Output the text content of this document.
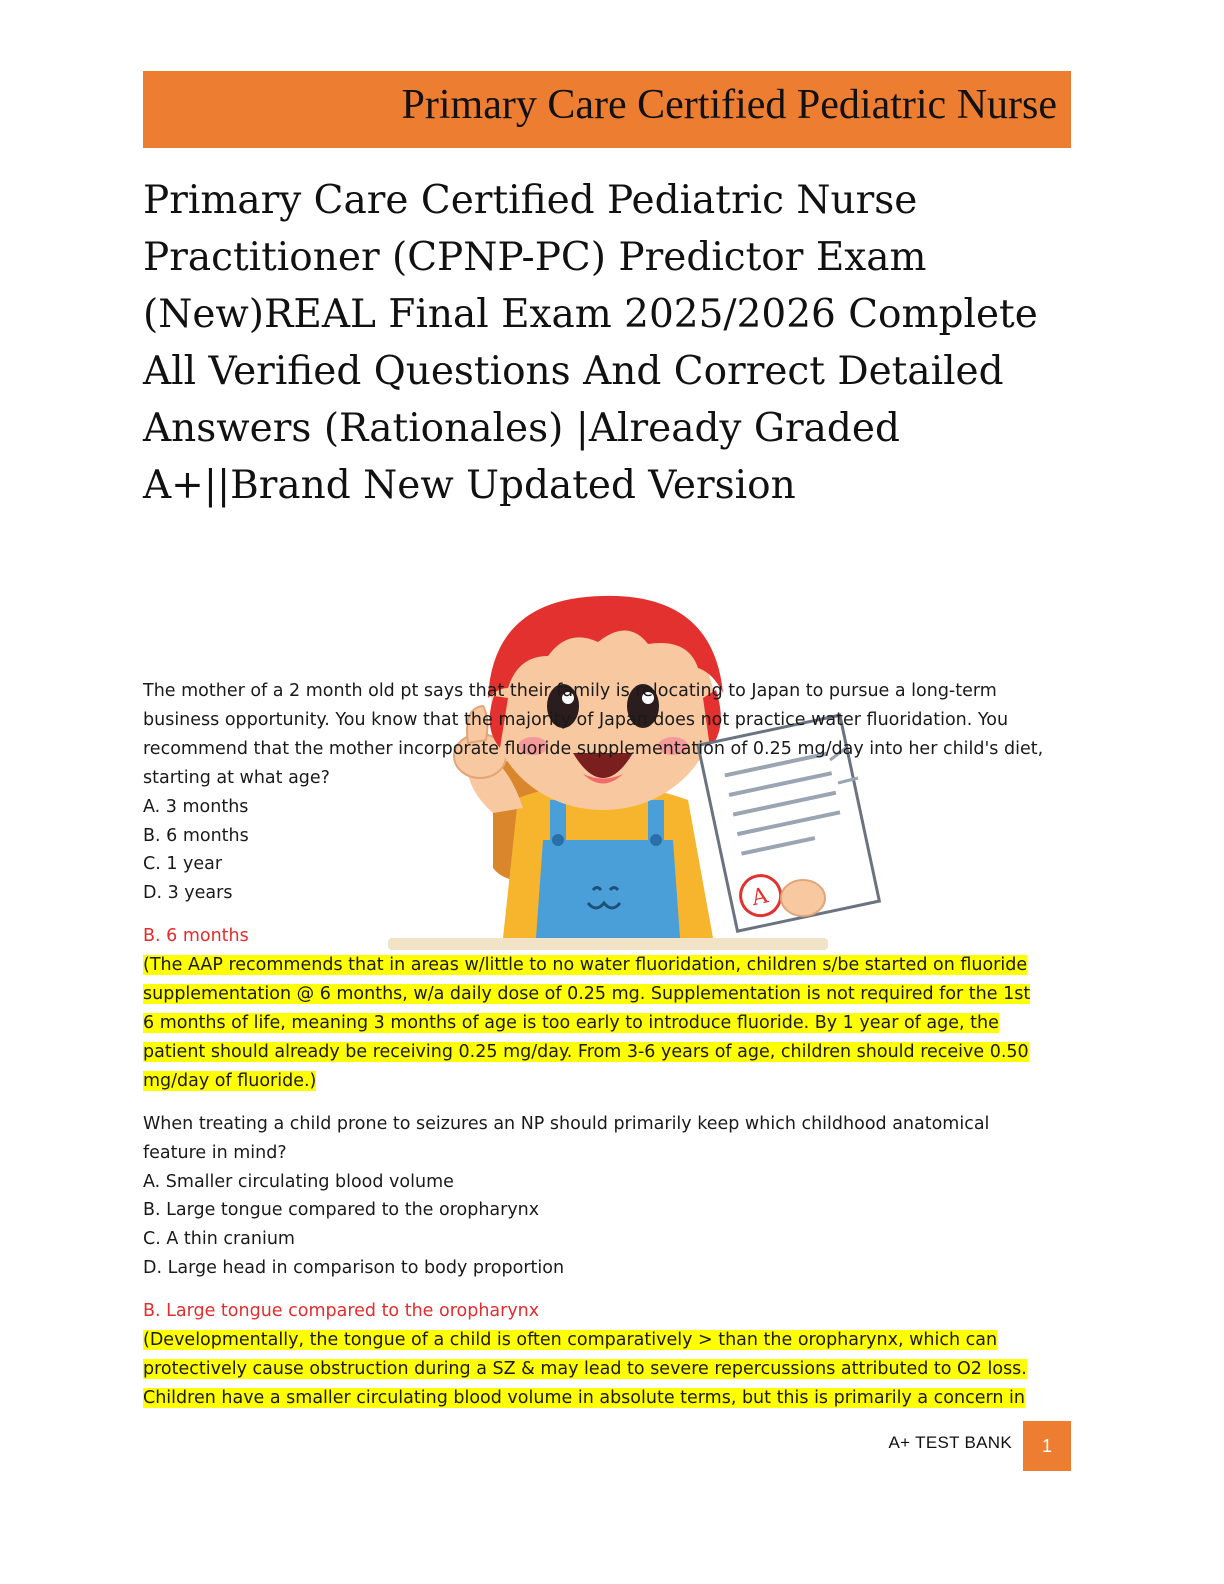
Primary Care Certified Pediatric Nurse
Primary Care Certified Pediatric Nurse
Practitioner (CPNP-PC) Predictor Exam
(New)REAL Final Exam 2025/2026 Complete
All Verified Questions And Correct Detailed
Answers (Rationales) |Already Graded
A+||Brand New Updated Version
A
The mother of a 2 month old pt says that their family is relocating to Japan to pursue a long-term
business opportunity. You know that the majority of Japan does not practice water fluoridation. You
recommend that the mother incorporate fluoride supplementation of 0.25 mg/day into her child's diet,
starting at what age?
A. 3 months
B. 6 months
C. 1 year
D. 3 years
B. 6 months
(The AAP recommends that in areas w/little to no water fluoridation, children s/be started on fluoride
supplementation @ 6 months, w/a daily dose of 0.25 mg. Supplementation is not required for the 1st
6 months of life, meaning 3 months of age is too early to introduce fluoride. By 1 year of age, the
patient should already be receiving 0.25 mg/day. From 3-6 years of age, children should receive 0.50
mg/day of fluoride.)
When treating a child prone to seizures an NP should primarily keep which childhood anatomical
feature in mind?
A. Smaller circulating blood volume
B. Large tongue compared to the oropharynx
C. A thin cranium
D. Large head in comparison to body proportion
B. Large tongue compared to the oropharynx
(Developmentally, the tongue of a child is often comparatively > than the oropharynx, which can
protectively cause obstruction during a SZ & may lead to severe repercussions attributed to O2 loss.
Children have a smaller circulating blood volume in absolute terms, but this is primarily a concern in
A+ TEST BANK 1
